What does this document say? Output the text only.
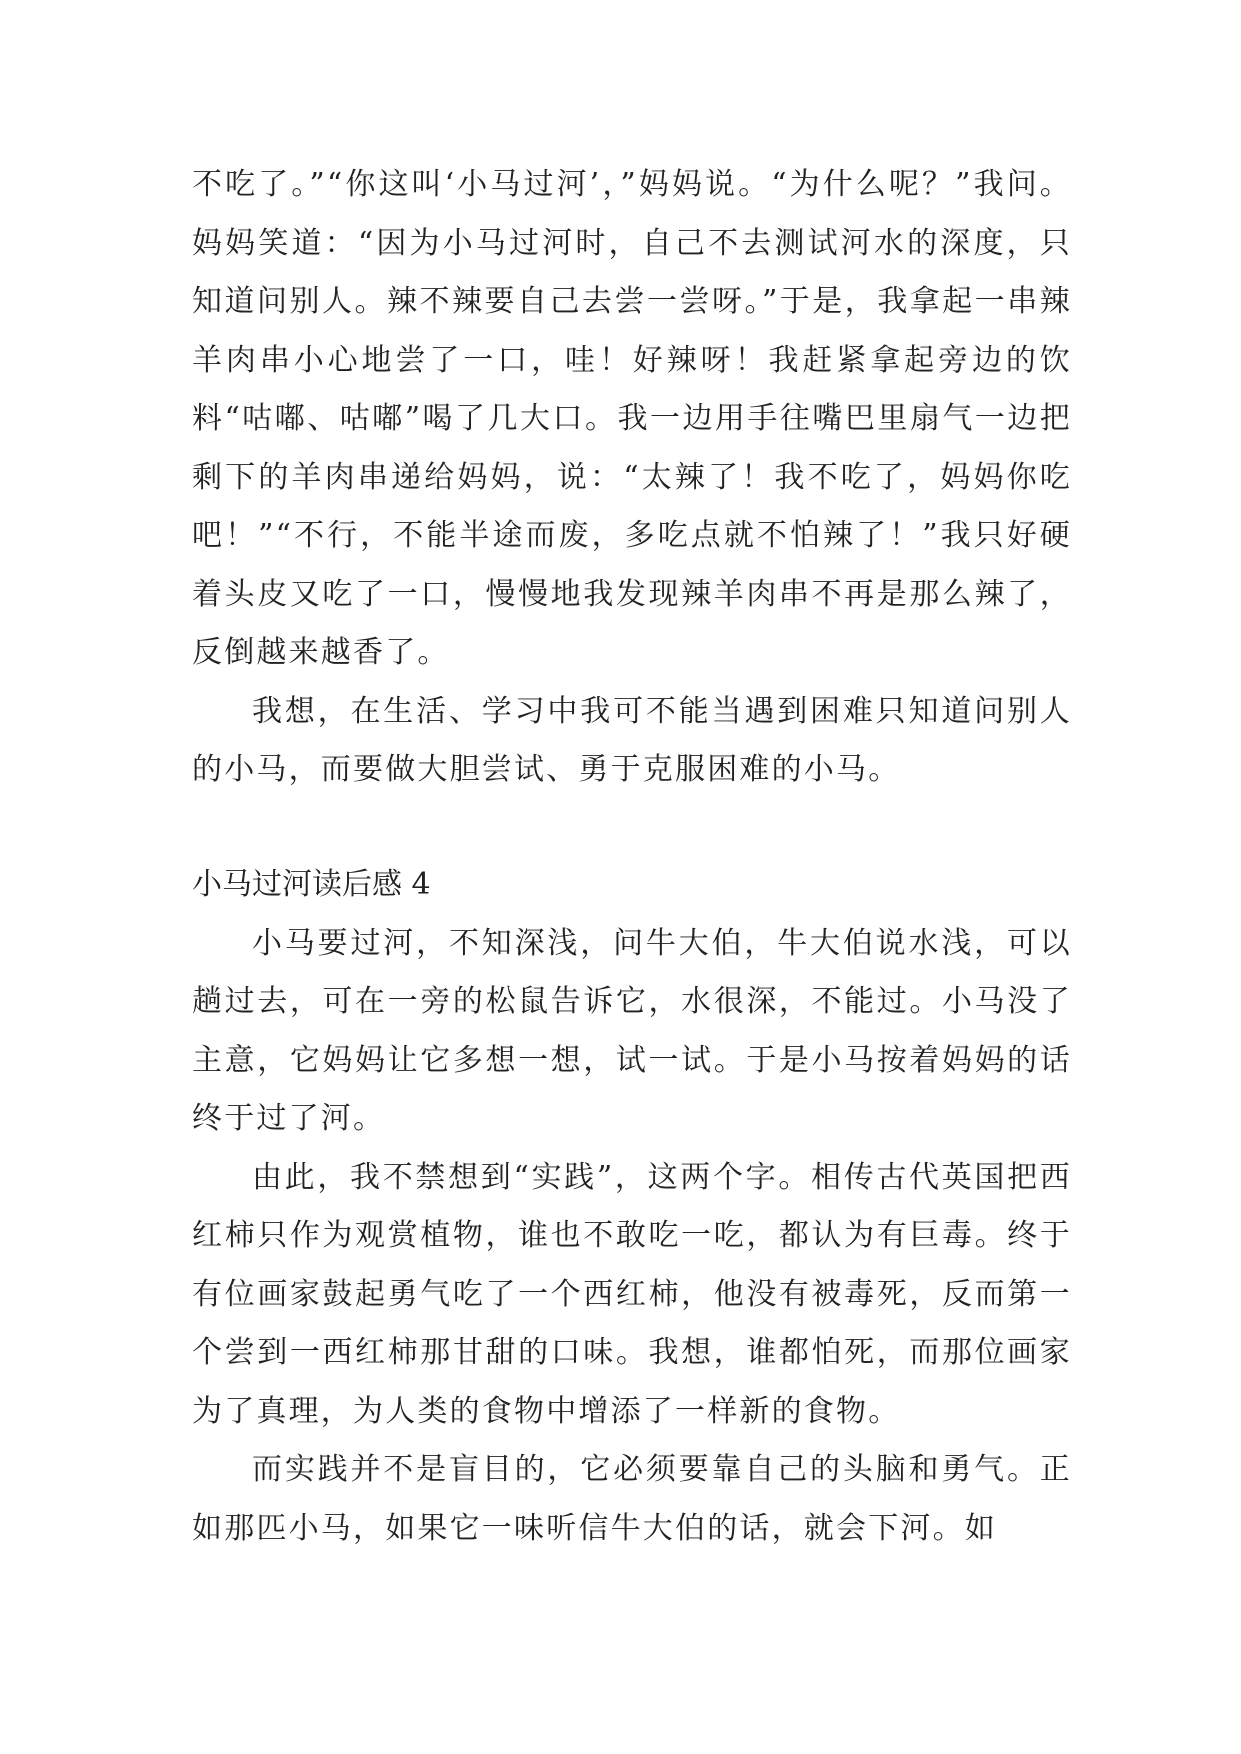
不吃了。”“你这叫‘小马过河’，”妈妈说。“为什么呢？”我问。妈妈笑道：“因为小马过河时，自己不去测试河水的深度，只知道问别人。辣不辣要自己去尝一尝呀。”于是，我拿起一串辣羊肉串小心地尝了一口，哇！好辣呀！我赶紧拿起旁边的饮料“咕嘟、咕嘟”喝了几大口。我一边用手往嘴巴里扇气一边把剩下的羊肉串递给妈妈，说：“太辣了！我不吃了，妈妈你吃吧！”“不行，不能半途而废，多吃点就不怕辣了！”我只好硬着头皮又吃了一口，慢慢地我发现辣羊肉串不再是那么辣了，反倒越来越香了。

我想，在生活、学习中我可不能当遇到困难只知道问别人的小马，而要做大胆尝试、勇于克服困难的小马。

小马过河读后感 4

小马要过河，不知深浅，问牛大伯，牛大伯说水浅，可以趟过去，可在一旁的松鼠告诉它，水很深，不能过。小马没了主意，它妈妈让它多想一想，试一试。于是小马按着妈妈的话终于过了河。

由此，我不禁想到“实践”，这两个字。相传古代英国把西红柿只作为观赏植物，谁也不敢吃一吃，都认为有巨毒。终于有位画家鼓起勇气吃了一个西红柿，他没有被毒死，反而第一个尝到一西红柿那甘甜的口味。我想，谁都怕死，而那位画家为了真理，为人类的食物中增添了一样新的食物。

而实践并不是盲目的，它必须要靠自己的头脑和勇气。正如那匹小马，如果它一味听信牛大伯的话，就会下河。如
